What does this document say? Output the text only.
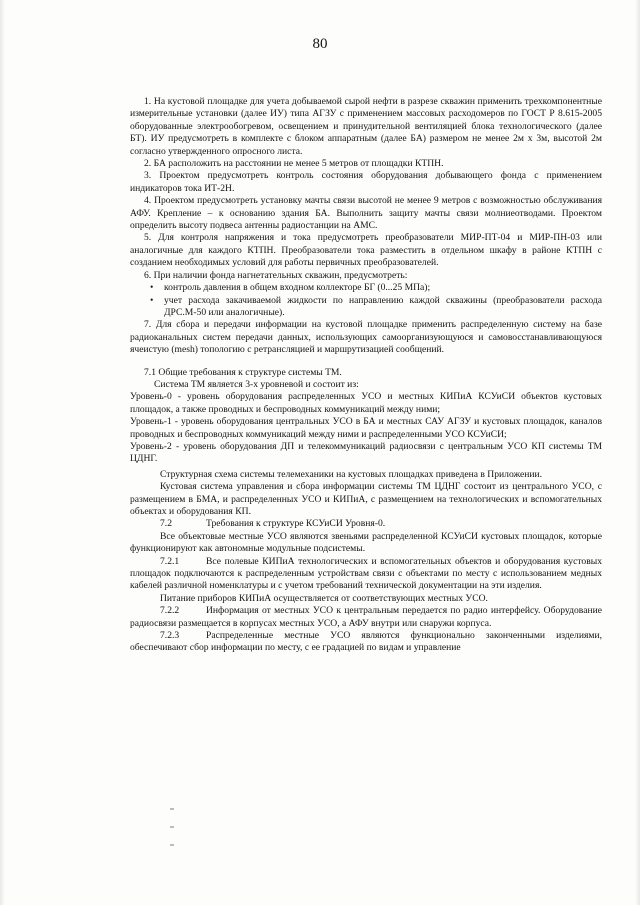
80

1. На кустовой площадке для учета добываемой сырой нефти в разрезе скважин применить трехкомпонентные измерительные установки (далее ИУ) типа АГЗУ с применением массовых расходомеров по ГОСТ Р 8.615-2005 оборудованные электрообогревом, освещением и принудительной вентиляцией блока технологического (далее БТ). ИУ предусмотреть в комплекте с блоком аппаратным (далее БА) размером не менее 2м х 3м, высотой 2м согласно утвержденного опросного листа.

2. БА расположить на расстоянии не менее 5 метров от площадки КТПН.

3. Проектом предусмотреть контроль состояния оборудования добывающего фонда с применением индикаторов тока ИТ-2Н.

4. Проектом предусмотреть установку мачты связи высотой не менее 9 метров с возможностью обслуживания АФУ. Крепление – к основанию здания БА. Выполнить защиту мачты связи молниеотводами. Проектом определить высоту подвеса антенны радиостанции на АМС.

5. Для контроля напряжения и тока предусмотреть преобразователи МИР-ПТ-04 и МИР-ПН-03 или аналогичные для каждого КТПН. Преобразователи тока разместить в отдельном шкафу в районе КТПН с созданием необходимых условий для работы первичных преобразователей.

6. При наличии фонда нагнетательных скважин, предусмотреть:

• контроль давления в общем входном коллекторе БГ (0...25 МПа);
• учет расхода закачиваемой жидкости по направлению каждой скважины (преобразователи расхода ДРС.М-50 или аналогичные).

7. Для сбора и передачи информации на кустовой площадке применить распределенную систему на базе радиоканальных систем передачи данных, использующих самоорганизующуюся и самовосстанавливающуюся ячеистую (mesh) топологию с ретрансляцией и маршрутизацией сообщений.

7.1 Общие требования к структуре системы ТМ.

Система ТМ является 3-х уровневой и состоит из:

Уровень-0 - уровень оборудования распределенных УСО и местных КИПиА КСУиСИ объектов кустовых площадок, а также проводных и беспроводных коммуникаций между ними;

Уровень-1 - уровень оборудования центральных УСО в БА и местных САУ АГЗУ и кустовых площадок, каналов проводных и беспроводных коммуникаций между ними и распределенными УСО КСУиСИ;

Уровень-2 - уровень оборудования ДП и телекоммуникаций радиосвязи с центральным УСО КП системы ТМ ЦДНГ.

Структурная схема системы телемеханики на кустовых площадках приведена в Приложении.

Кустовая система управления и сбора информации системы ТМ ЦДНГ состоит из центрального УСО, с размещением в БМА, и распределенных УСО и КИПиА, с размещением на технологических и вспомогательных объектах и оборудования КП.

7.2	Требования к структуре КСУиСИ Уровня-0.

Все объектовые местные УСО являются звеньями распределенной КСУиСИ кустовых площадок, которые функционируют как автономные модульные подсистемы.

7.2.1	Все полевые КИПиА технологических и вспомогательных объектов и оборудования кустовых площадок подключаются к распределенным устройствам связи с объектами по месту с использованием медных кабелей различной номенклатуры и с учетом требований технической документации на эти изделия.

Питание приборов КИПиА осуществляется от соответствующих местных УСО.

7.2.2	Информация от местных УСО к центральным передается по радио интерфейсу. Оборудование радиосвязи размещается в корпусах местных УСО, а АФУ внутри или снаружи корпуса.

7.2.3	Распределенные местные УСО являются функционально законченными изделиями, обеспечивают сбор информации по месту, с ее градацией по видам и управление
